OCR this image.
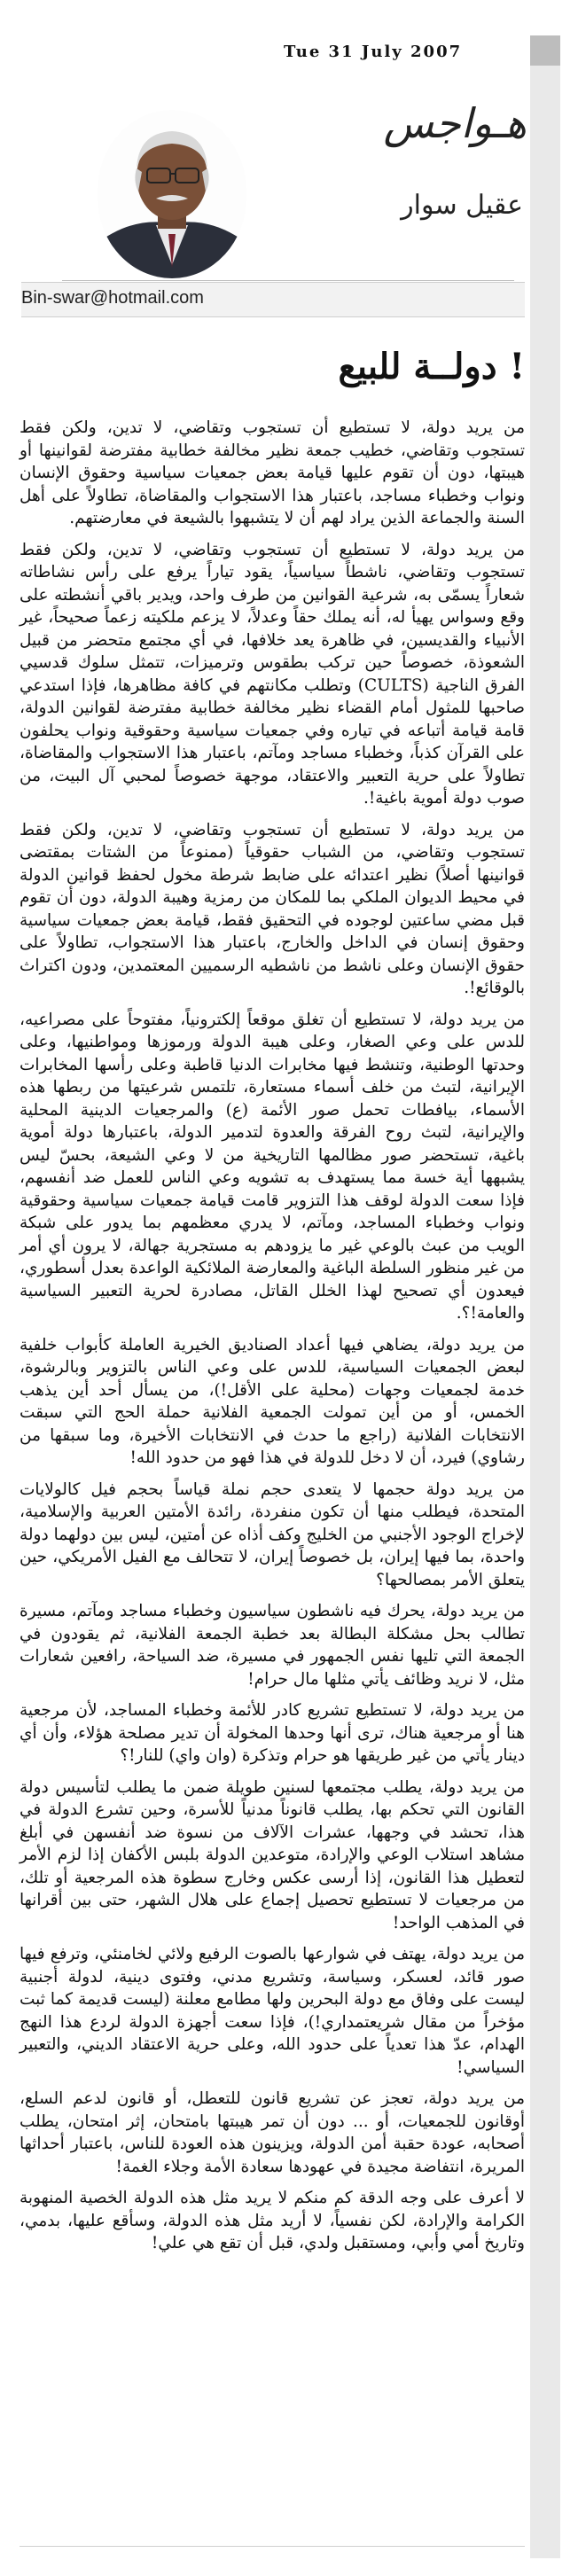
Tue 31 July 2007
هـواجس
عقيل سوار
Bin-swar@hotmail.com
دولــة للبيع !

من يريد دولة، لا تستطيع أن تستجوب وتقاضي، لا تدين، ولكن فقط تستجوب وتقاضي، خطيب جمعة نظير مخالفة خطابية مفترضة لقوانينها أو هيبتها، دون أن تقوم عليها قيامة بعض جمعيات سياسية وحقوق الإنسان ونواب وخطباء مساجد، باعتبار هذا الاستجواب والمقاضاة، تطاولاً على أهل السنة والجماعة الذين يراد لهم أن لا يتشبهوا بالشيعة في معارضتهم.

من يريد دولة، لا تستطيع أن تستجوب وتقاضي، لا تدين، ولكن فقط تستجوب وتقاضي، ناشطاً سياسياً، يقود تياراً يرفع على رأس نشاطاته شعاراً يسمّى به، شرعية القوانين من طرف واحد، ويدير باقي أنشطته على وقع وسواس يهيأ له، أنه يملك حقاً وعدلاً، لا يزعم ملكيته زعماً صحيحاً، غير الأنبياء والقديسين، في ظاهرة يعد خلافها، في أي مجتمع متحضر من قبيل الشعوذة، خصوصاً حين تركب بطقوس وترميزات، تتمثل سلوك قدسيي الفرق الناجية (CULTS) وتطلب مكانتهم في كافة مظاهرها، فإذا استدعي صاحبها للمثول أمام القضاء نظير مخالفة خطابية مفترضة لقوانين الدولة، قامة قيامة أتباعه في تياره وفي جمعيات سياسية وحقوقية ونواب يحلفون على القرآن كذباً، وخطباء مساجد ومآتم، باعتبار هذا الاستجواب والمقاضاة، تطاولاً على حرية التعبير والاعتقاد، موجهة خصوصاً لمحبي آل البيت، من صوب دولة أموية باغية!.

من يريد دولة، لا تستطيع أن تستجوب وتقاضي، لا تدين، ولكن فقط تستجوب وتقاضي، من الشباب حقوقياً (ممنوعاً من الشتات بمقتضى قوانينها أصلاً) نظير اعتدائه على ضابط شرطة مخول لحفظ قوانين الدولة في محيط الديوان الملكي بما للمكان من رمزية وهيبة الدولة، دون أن تقوم قبل مضي ساعتين لوجوده في التحقيق فقط، قيامة بعض جمعيات سياسية وحقوق إنسان في الداخل والخارج، باعتبار هذا الاستجواب، تطاولاً على حقوق الإنسان وعلى ناشط من ناشطيه الرسميين المعتمدين، ودون اكتراث بالوقائع!.

من يريد دولة، لا تستطيع أن تغلق موقعاً إلكترونياً، مفتوحاً على مصراعيه، للدس على وعي الصغار، وعلى هيبة الدولة ورموزها ومواطنيها، وعلى وحدتها الوطنية، وتنشط فيها مخابرات الدنيا قاطبة وعلى رأسها المخابرات الإيرانية، لتبث من خلف أسماء مستعارة، تلتمس شرعيتها من ربطها هذه الأسماء، بيافطات تحمل صور الأئمة (ع) والمرجعيات الدينية المحلية والإيرانية، لتبث روح الفرقة والعدوة لتدمير الدولة، باعتبارها دولة أموية باغية، تستحضر صور مظالمها التاريخية من لا وعي الشيعة، بحسّ ليس يشبهها أية خسة مما يستهدف به تشويه وعي الناس للعمل ضد أنفسهم، فإذا سعت الدولة لوقف هذا التزوير قامت قيامة جمعيات سياسية وحقوقية ونواب وخطباء المساجد، ومآتم، لا يدري معظمهم بما يدور على شبكة الويب من عبث بالوعي غير ما يزودهم به مستجرية جهالة، لا يرون أي أمر من غير منظور السلطة الباغية والمعارضة الملائكية الواعدة بعدل أسطوري، فيعدون أي تصحيح لهذا الخلل القاتل، مصادرة لحرية التعبير السياسية والعامة!؟.

من يريد دولة، يضاهي فيها أعداد الصناديق الخيرية العاملة كأبواب خلفية لبعض الجمعيات السياسية، للدس على وعي الناس بالتزوير وبالرشوة، خدمة لجمعيات وجهات (محلية على الأقل!)، من يسأل أحد أين يذهب الخمس، أو من أين تمولت الجمعية الفلانية حملة الحج التي سبقت الانتخابات الفلانية (راجع ما حدث في الانتخابات الأخيرة، وما سبقها من رشاوي) فيرد، أن لا دخل للدولة في هذا فهو من حدود الله!

من يريد دولة حجمها لا يتعدى حجم نملة قياساً بحجم فيل كالولايات المتحدة، فيطلب منها أن تكون منفردة، رائدة الأمتين العربية والإسلامية، لإخراج الوجود الأجنبي من الخليج وكف أذاه عن أمتين، ليس بين دولهما دولة واحدة، بما فيها إيران، بل خصوصاً إيران، لا تتحالف مع الفيل الأمريكي، حين يتعلق الأمر بمصالحها؟

من يريد دولة، يحرك فيه ناشطون سياسيون وخطباء مساجد ومآتم، مسيرة تطالب بحل مشكلة البطالة بعد خطبة الجمعة الفلانية، ثم يقودون في الجمعة التي تليها نفس الجمهور في مسيرة، ضد السياحة، رافعين شعارات مثل، لا نريد وظائف يأتي مثلها مال حرام!

من يريد دولة، لا تستطيع تشريع كادر للأئمة وخطباء المساجد، لأن مرجعية هنا أو مرجعية هناك، ترى أنها وحدها المخولة أن تدير مصلحة هؤلاء، وأن أي دينار يأتي من غير طريقها هو حرام وتذكرة (وان واي) للنار!؟

من يريد دولة، يطلب مجتمعها لسنين طويلة ضمن ما يطلب لتأسيس دولة القانون التي تحكم بها، يطلب قانوناً مدنياً للأسرة، وحين تشرع الدولة في هذا، تحشد في وجهها، عشرات الآلاف من نسوة ضد أنفسهن في أبلغ مشاهد استلاب الوعي والإرادة، متوعدين الدولة بلبس الأكفان إذا لزم الأمر لتعطيل هذا القانون، إذا أرسى عكس وخارج سطوة هذه المرجعية أو تلك، من مرجعيات لا تستطيع تحصيل إجماع على هلال الشهر، حتى بين أقرانها في المذهب الواحد!

من يريد دولة، يهتف في شوارعها بالصوت الرفيع ولائي لخامنئي، وترفع فيها صور قائد، لعسكر، وسياسة، وتشريع مدني، وفتوى دينية، لدولة أجنبية ليست على وفاق مع دولة البحرين ولها مطامع معلنة (ليست قديمة كما ثبت مؤخراً من مقال شريعتمداري!)، فإذا سعت أجهزة الدولة لردع هذا النهج الهدام، عدّ هذا تعدياً على حدود الله، وعلى حرية الاعتقاد الديني، والتعبير السياسي!

من يريد دولة، تعجز عن تشريع قانون للتعطل، أو قانون لدعم السلع، أوقانون للجمعيات، أو ... دون أن تمر هيبتها بامتحان، إثر امتحان، يطلب أصحابه، عودة حقبة أمن الدولة، ويزينون هذه العودة للناس، باعتبار أحداثها المريرة، انتفاضة مجيدة في عهودها سعادة الأمة وجلاء الغمة!

لا أعرف على وجه الدقة كم منكم لا يريد مثل هذه الدولة الخصية المنهوبة الكرامة والإرادة، لكن نفسياً، لا أريد مثل هذه الدولة، وسأقع عليها، بدمي، وتاريخ أمي وأبي، ومستقبل ولدي، قبل أن تقع هي علي!
